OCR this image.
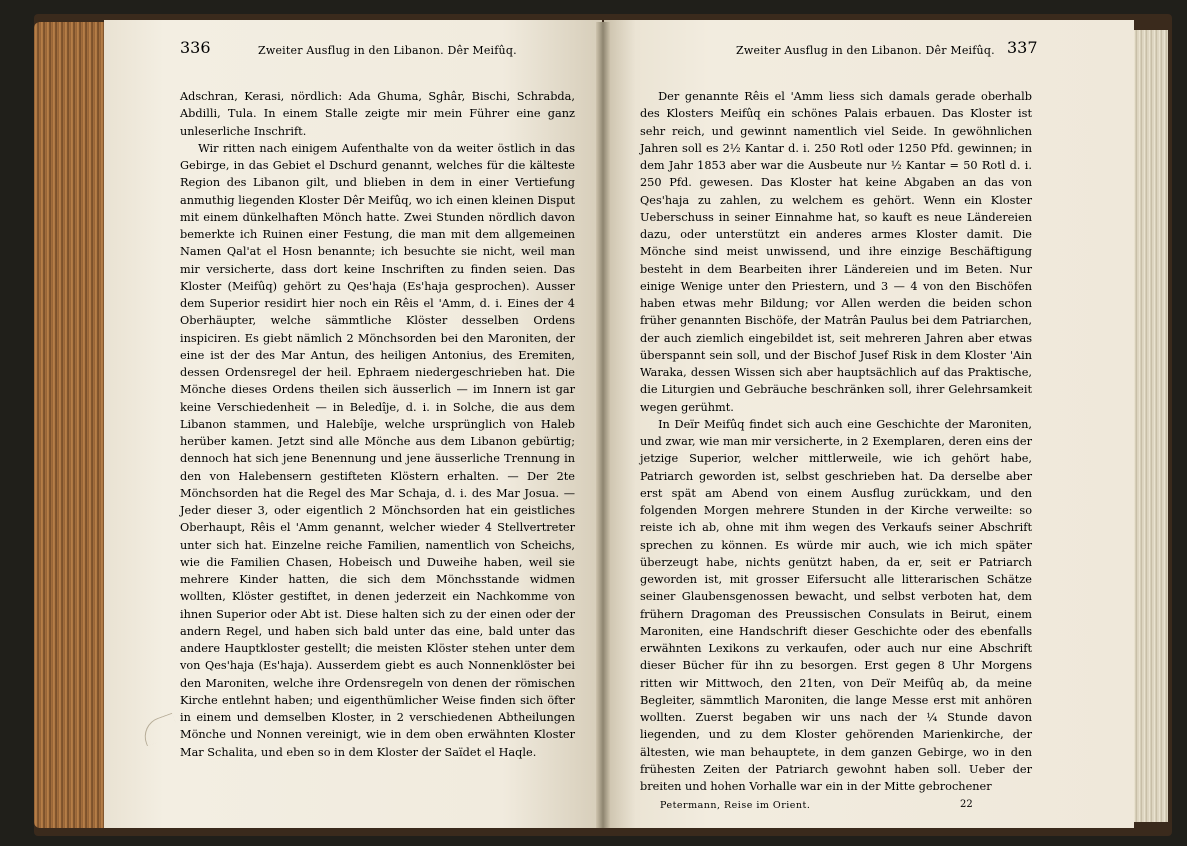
336	Zweiter Ausflug in den Libanon. Dêr Meifûq.

Adschran, Kerasi, nördlich: Ada Ghuma, Sghâr, Bischi, Schrabda, Abdilli, Tula. In einem Stalle zeigte mir mein Führer eine ganz unleserliche Inschrift.

Wir ritten nach einigem Aufenthalte von da weiter östlich in das Gebirge, in das Gebiet el Dschurd genannt, welches für die kälteste Region des Libanon gilt, und blieben in dem in einer Vertiefung anmuthig liegenden Kloster Dêr Meifûq, wo ich einen kleinen Disput mit einem dünkelhaften Mönch hatte. Zwei Stunden nördlich davon bemerkte ich Ruinen einer Festung, die man mit dem allgemeinen Namen Qal'at el Hosn benannte; ich besuchte sie nicht, weil man mir versicherte, dass dort keine Inschriften zu finden seien. Das Kloster (Meifûq) gehört zu Qes'haja (Es'haja gesprochen). Ausser dem Superior residirt hier noch ein Rêis el 'Amm, d. i. Eines der 4 Oberhäupter, welche sämmtliche Klöster desselben Ordens inspiciren. Es giebt nämlich 2 Mönchsorden bei den Maroniten, der eine ist der des Mar Antun, des heiligen Antonius, des Eremiten, dessen Ordensregel der heil. Ephraem niedergeschrieben hat. Die Mönche dieses Ordens theilen sich äusserlich — im Innern ist gar keine Verschiedenheit — in Beledîje, d. i. in Solche, die aus dem Libanon stammen, und Halebîje, welche ursprünglich von Haleb herüber kamen. Jetzt sind alle Mönche aus dem Libanon gebürtig; dennoch hat sich jene Benennung und jene äusserliche Trennung in den von Halebensern gestifteten Klöstern erhalten. — Der 2te Mönchsorden hat die Regel des Mar Schaja, d. i. des Mar Josua. — Jeder dieser 3, oder eigentlich 2 Mönchsorden hat ein geistliches Oberhaupt, Rêis el 'Amm genannt, welcher wieder 4 Stellvertreter unter sich hat. Einzelne reiche Familien, namentlich von Scheichs, wie die Familien Chasen, Hobeisch und Duweihe haben, weil sie mehrere Kinder hatten, die sich dem Mönchsstande widmen wollten, Klöster gestiftet, in denen jederzeit ein Nachkomme von ihnen Superior oder Abt ist. Diese halten sich zu der einen oder der andern Regel, und haben sich bald unter das eine, bald unter das andere Hauptkloster gestellt; die meisten Klöster stehen unter dem von Qes'haja (Es'haja). Ausserdem giebt es auch Nonnenklöster bei den Maroniten, welche ihre Ordensregeln von denen der römischen Kirche entlehnt haben; und eigenthümlicher Weise finden sich öfter in einem und demselben Kloster, in 2 verschiedenen Abtheilungen Mönche und Nonnen vereinigt, wie in dem oben erwähnten Kloster Mar Schalita, und eben so in dem Kloster der Saïdet el Haqle.

Zweiter Ausflug in den Libanon. Dêr Meifûq. 337

Der genannte Rêis el 'Amm liess sich damals gerade oberhalb des Klosters Meifûq ein schönes Palais erbauen. Das Kloster ist sehr reich, und gewinnt namentlich viel Seide. In gewöhnlichen Jahren soll es 2½ Kantar d. i. 250 Rotl oder 1250 Pfd. gewinnen; in dem Jahr 1853 aber war die Ausbeute nur ½ Kantar = 50 Rotl d. i. 250 Pfd. gewesen. Das Kloster hat keine Abgaben an das von Qes'haja zu zahlen, zu welchem es gehört. Wenn ein Kloster Ueberschuss in seiner Einnahme hat, so kauft es neue Ländereien dazu, oder unterstützt ein anderes armes Kloster damit. Die Mönche sind meist unwissend, und ihre einzige Beschäftigung besteht in dem Bearbeiten ihrer Ländereien und im Beten. Nur einige Wenige unter den Priestern, und 3 — 4 von den Bischöfen haben etwas mehr Bildung; vor Allen werden die beiden schon früher genannten Bischöfe, der Matrân Paulus bei dem Patriarchen, der auch ziemlich eingebildet ist, seit mehreren Jahren aber etwas überspannt sein soll, und der Bischof Jusef Risk in dem Kloster 'Ain Waraka, dessen Wissen sich aber hauptsächlich auf das Praktische, die Liturgien und Gebräuche beschränken soll, ihrer Gelehrsamkeit wegen gerühmt.

In Deïr Meifûq findet sich auch eine Geschichte der Maroniten, und zwar, wie man mir versicherte, in 2 Exemplaren, deren eins der jetzige Superior, welcher mittlerweile, wie ich gehört habe, Patriarch geworden ist, selbst geschrieben hat. Da derselbe aber erst spät am Abend von einem Ausflug zurückkam, und den folgenden Morgen mehrere Stunden in der Kirche verweilte: so reiste ich ab, ohne mit ihm wegen des Verkaufs seiner Abschrift sprechen zu können. Es würde mir auch, wie ich mich später überzeugt habe, nichts genützt haben, da er, seit er Patriarch geworden ist, mit grosser Eifersucht alle litterarischen Schätze seiner Glaubensgenossen bewacht, und selbst verboten hat, dem frühern Dragoman des Preussischen Consulats in Beirut, einem Maroniten, eine Handschrift dieser Geschichte oder des ebenfalls erwähnten Lexikons zu verkaufen, oder auch nur eine Abschrift dieser Bücher für ihn zu besorgen. Erst gegen 8 Uhr Morgens ritten wir Mittwoch, den 21ten, von Deïr Meifûq ab, da meine Begleiter, sämmtlich Maroniten, die lange Messe erst mit anhören wollten. Zuerst begaben wir uns nach der ¼ Stunde davon liegenden, und zu dem Kloster gehörenden Marienkirche, der ältesten, wie man behauptete, in dem ganzen Gebirge, wo in den frühesten Zeiten der Patriarch gewohnt haben soll. Ueber der breiten und hohen Vorhalle war ein in der Mitte gebrochener

Petermann, Reise im Orient.	22
